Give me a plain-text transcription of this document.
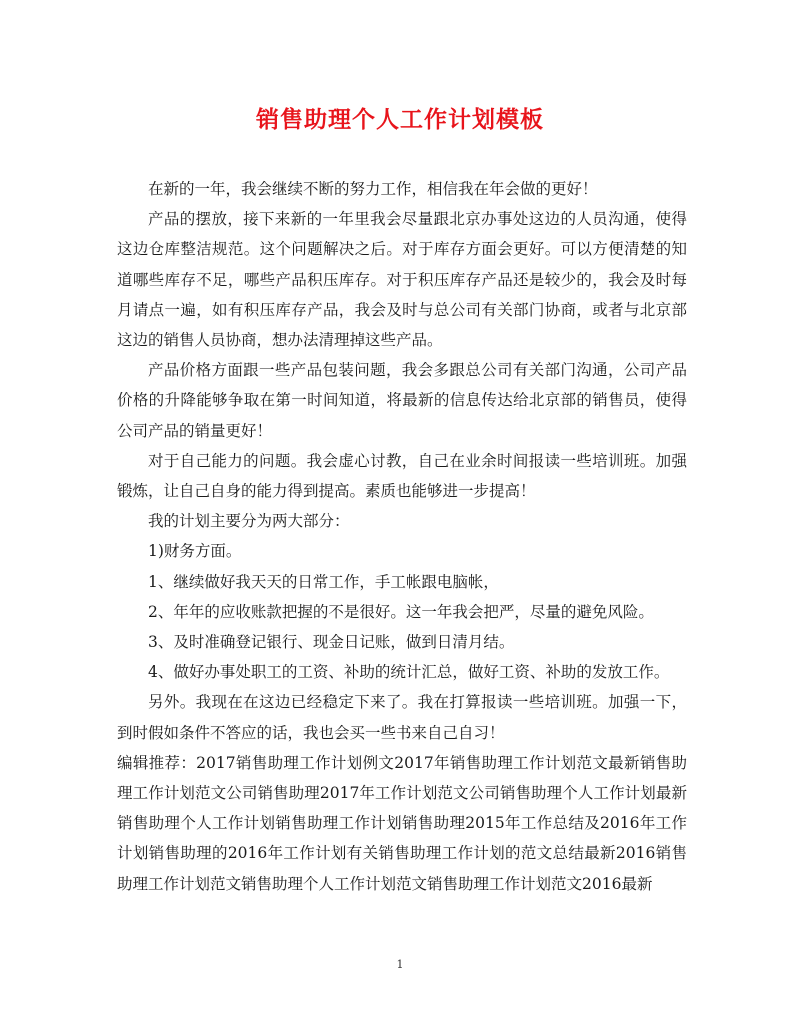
销售助理个人工作计划模板

在新的一年，我会继续不断的努力工作，相信我在年会做的更好！

产品的摆放，接下来新的一年里我会尽量跟北京办事处这边的人员沟通，使得这边仓库整洁规范。这个问题解决之后。对于库存方面会更好。可以方便清楚的知道哪些库存不足，哪些产品积压库存。对于积压库存产品还是较少的，我会及时每月请点一遍，如有积压库存产品，我会及时与总公司有关部门协商，或者与北京部这边的销售人员协商，想办法清理掉这些产品。

产品价格方面跟一些产品包装问题，我会多跟总公司有关部门沟通，公司产品价格的升降能够争取在第一时间知道，将最新的信息传达给北京部的销售员，使得公司产品的销量更好！

对于自己能力的问题。我会虚心讨教，自己在业余时间报读一些培训班。加强锻炼，让自己自身的能力得到提高。素质也能够进一步提高！

我的计划主要分为两大部分：

1)财务方面。

1、继续做好我天天的日常工作，手工帐跟电脑帐，

2、年年的应收账款把握的不是很好。这一年我会把严，尽量的避免风险。

3、及时准确登记银行、现金日记账，做到日清月结。

4、做好办事处职工的工资、补助的统计汇总，做好工资、补助的发放工作。

另外。我现在在这边已经稳定下来了。我在打算报读一些培训班。加强一下，到时假如条件不答应的话，我也会买一些书来自己自习！

编辑推荐：2017销售助理工作计划例文2017年销售助理工作计划范文最新销售助理工作计划范文公司销售助理2017年工作计划范文公司销售助理个人工作计划最新销售助理个人工作计划销售助理工作计划销售助理2015年工作总结及2016年工作计划销售助理的2016年工作计划有关销售助理工作计划的范文总结最新2016销售助理工作计划范文销售助理个人工作计划范文销售助理工作计划范文2016最新

1
